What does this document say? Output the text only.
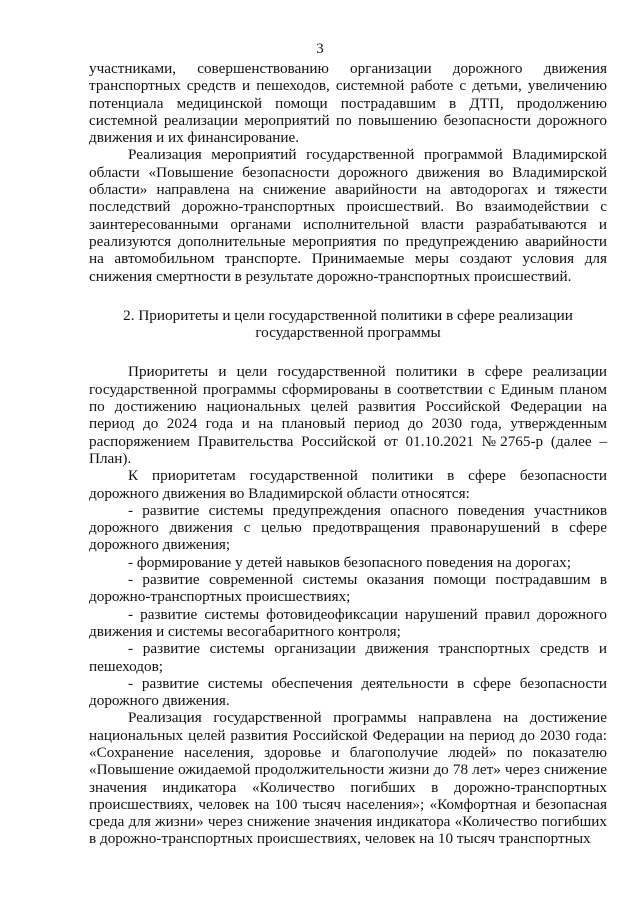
3

участниками, совершенствованию организации дорожного движения транспортных средств и пешеходов, системной работе с детьми, увеличению потенциала медицинской помощи пострадавшим в ДТП, продолжению системной реализации мероприятий по повышению безопасности дорожного движения и их финансирование.

Реализация мероприятий государственной программой Владимирской области «Повышение безопасности дорожного движения во Владимирской области» направлена на снижение аварийности на автодорогах и тяжести последствий дорожно-транспортных происшествий. Во взаимодействии с заинтересованными органами исполнительной власти разрабатываются и реализуются дополнительные мероприятия по предупреждению аварийности на автомобильном транспорте. Принимаемые меры создают условия для снижения смертности в результате дорожно-транспортных происшествий.

2. Приоритеты и цели государственной политики в сфере реализации государственной программы

Приоритеты и цели государственной политики в сфере реализации государственной программы сформированы в соответствии с Единым планом по достижению национальных целей развития Российской Федерации на период до 2024 года и на плановый период до 2030 года, утвержденным распоряжением Правительства Российской от 01.10.2021 №2765-р (далее – План).

К приоритетам государственной политики в сфере безопасности дорожного движения во Владимирской области относятся:

- развитие системы предупреждения опасного поведения участников дорожного движения с целью предотвращения правонарушений в сфере дорожного движения;

- формирование у детей навыков безопасного поведения на дорогах;

- развитие современной системы оказания помощи пострадавшим в дорожно-транспортных происшествиях;

- развитие системы фотовидеофиксации нарушений правил дорожного движения и системы весогабаритного контроля;

- развитие системы организации движения транспортных средств и пешеходов;

- развитие системы обеспечения деятельности в сфере безопасности дорожного движения.

Реализация государственной программы направлена на достижение национальных целей развития Российской Федерации на период до 2030 года: «Сохранение населения, здоровье и благополучие людей» по показателю «Повышение ожидаемой продолжительности жизни до 78 лет» через снижение значения индикатора «Количество погибших в дорожно-транспортных происшествиях, человек на 100 тысяч населения»; «Комфортная и безопасная среда для жизни» через снижение значения индикатора «Количество погибших в дорожно-транспортных происшествиях, человек на 10 тысяч транспортных
